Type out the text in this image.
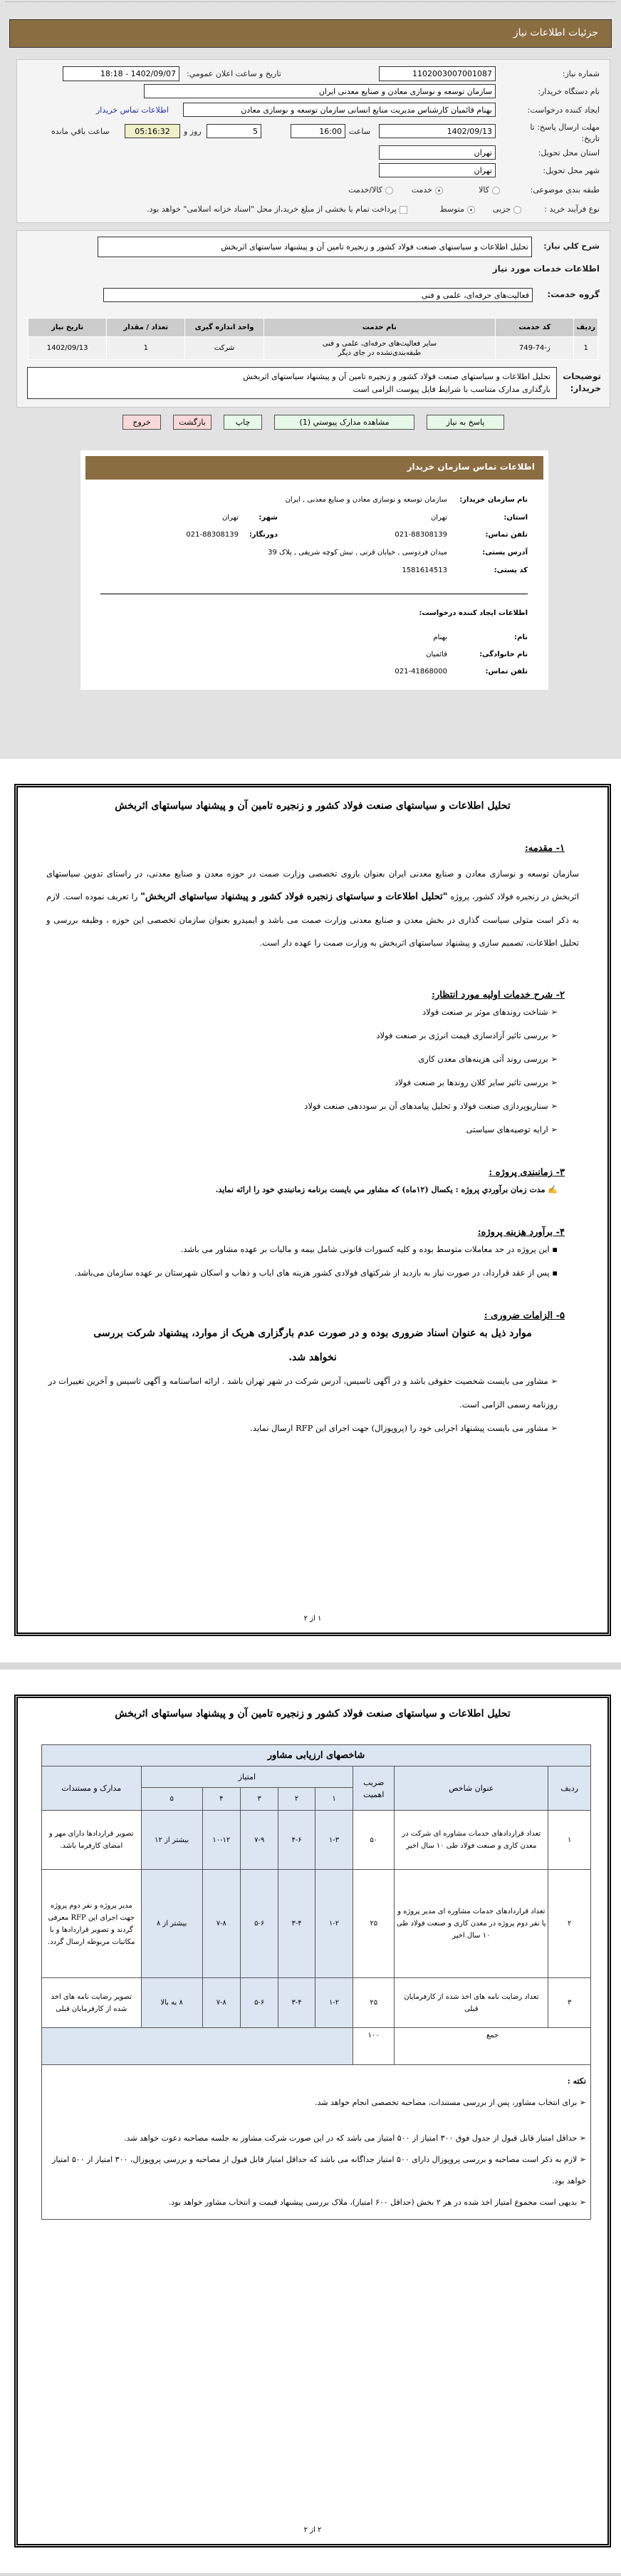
جزئیات اطلاعات نیاز
شماره نیاز:
1102003007001087
تاريخ و ساعت اعلان عمومي:
1402/09/07 - 18:18
نام دستگاه خریدار:
سازمان توسعه و نوسازی معادن و صنایع معدنی ایران
ایجاد کننده درخواست:
بهنام قائمیان کارشناس مدیریت منابع انسانی سازمان توسعه و نوسازی معادن
اطلاعات تماس خریدار
مهلت ارسال پاسخ: تا تاریخ:
1402/09/13
ساعت
16:00
5
روز و
05:16:32
ساعت باقي مانده
استان محل تحویل:
تهران
شهر محل تحویل:
تهران
طبقه بندی موضوعی:
کالا
خدمت
کالا/خدمت
نوع فرآیند خرید :
جزیی
متوسط
پرداخت تمام یا بخشی از مبلغ خرید،از محل "اسناد خزانه اسلامی" خواهد بود.
شرح کلي نیاز:
تحلیل اطلاعات و سیاستهای صنعت فولاد کشور و زنجیره تامین آن و پیشنهاد سیاستهای اثربخش
اطلاعات خدمات مورد نیاز
گروه خدمت:
فعالیت‌های حرفه‌ای، علمی و فنی
ردیف	کد خدمت	نام خدمت	واحد اندازه گیری	تعداد / مقدار	تاریخ نیاز
1	ز-74-749	سایر فعالیت‌های حرفه‌ای، علمی و فنی طبقه‌بندی‌نشده در جای دیگر	شرکت	1	1402/09/13
توضیحات خریدار:
تحلیل اطلاعات و سیاستهای صنعت فولاد کشور و زنجیره تامین آن و پیشنهاد سیاستهای اثربخش
بارگذاری مدارک متناسب با شرایط فایل پیوست الزامی است
پاسخ به نیاز
مشاهده مدارک پیوستي (1)
چاپ
بازگشت
خروج
اطلاعات تماس سازمان خریدار
نام سازمان خریدار:
سازمان توسعه و نوسازی معادن و صنایع معدنی , ایران
استان:
تهران
شهر:
تهران
تلفن تماس:
021-88308139
دورنگار:
021-88308139
آدرس پستی:
میدان فردوسی , خیابان قرنی , نبش کوچه شریفی , پلاک 39
کد پستی:
1581614513
اطلاعات ایجاد کننده درخواست:
نام:
بهنام
نام خانوادگی:
قائمیان
تلفن تماس:
021-41868000
تحلیل اطلاعات و سیاستهای صنعت فولاد کشور و زنجیره تامین آن و پیشنهاد سیاستهای اثربخش
۱- مقدمه:
سازمان توسعه و نوسازی معادن و صنایع معدنی ایران بعنوان بازوی تخصصی وزارت صمت در حوزه معدن و صنایع معدنی، در راستای تدوین سیاستهای اثربخش در زنجیره فولاد کشور، پروژه "تحلیل اطلاعات و سیاستهای زنجیره فولاد کشور و پیشنهاد سیاستهای اثربخش" را تعریف نموده است. لازم به ذکر است متولی سیاست گذاری در بخش معدن و صنایع معدنی وزارت صمت می باشد و ایمیدرو بعنوان سازمان تخصصی این حوزه ، وظیفه بررسی و تحلیل اطلاعات، تصمیم سازی و پیشنهاد سیاستهای اثربخش به وزارت صمت را عهده دار است.
۲- شرح خدمات اولیه مورد انتظار:
➢ شناخت روندهای موثر بر صنعت فولاد
➢ بررسی تاثیر آزادسازی قیمت انرژی بر صنعت فولاد
➢ بررسی روند آتی هزینه‌های معدن کاری
➢ بررسی تاثیر سایر کلان روندها بر صنعت فولاد
➢ سناریوپردازی صنعت فولاد و تحلیل پیامدهای آن بر سوددهی صنعت فولاد
➢ ارایه توصیه‌های سیاستی
۳- زمانبندی پروژه :
✍ مدت زمان برآوردي پروژه : يكسال (۱۲ماه) كه مشاور مي بايست برنامه زمانبندي خود را ارائه نمايد.
۴- برآورد هزینه پروژه:
▪ این پروژه در حد معاملات متوسط بوده و کلیه کسورات قانونی شامل بیمه و مالیات بر عهده مشاور می باشد.
▪ پس از عقد قرارداد، در صورت نیاز به بازدید از شرکتهای فولادی کشور هزینه های اياب و ذهاب و اسکان شهرستان بر عهده سازمان می‌باشد.
۵- الزامات ضروری :
موارد ذیل به عنوان اسناد ضروری بوده و در صورت عدم بارگزاری هریک از موارد، پیشنهاد شرکت بررسی نخواهد شد.
➢ مشاور می بایست شخصیت حقوقی باشد و در آگهی تاسیس، آدرس شرکت در شهر تهران باشد . ارائه اساسنامه و آگهی تاسیس و آخرین تغییرات در روزنامه رسمی الزامی است.
➢ مشاور می بایست پیشنهاد اجرایی خود را (پروپوزال) جهت اجرای این RFP ارسال نماید.
۱ از ۲
تحلیل اطلاعات و سیاستهای صنعت فولاد کشور و زنجیره تامین آن و پیشنهاد سیاستهای اثربخش
۲ از ۲
شاخصهای ارزیابی مشاور								
ردیف	عنوان شاخص	ضریب اهمیت	امتیاز					مدارک و مستندات
			۱	۲	۳	۴	۵	
۱	تعداد قراردادهای خدمات مشاوره ای شرکت در معدن کاری و صنعت فولاد طی ۱۰ سال اخیر	۵۰	۱-۳	۴-۶	۷-۹	۱۰-۱۲	بیشتر از ۱۲	تصویر قراردادها دارای مهر و امضای کارفرما باشد.
۲	تعداد قراردادهای خدمات مشاوره ای مدیر پروژه و یا نفر دوم پروژه در معدن کاری و صنعت فولاد طی ۱۰ سال اخیر	۲۵	۱-۲	۳-۴	۵-۶	۷-۸	بیشتر از ۸	مدیر پروژه و نفر دوم پروژه جهت اجرای این RFP معرفی گردند و تصویر قراردادها و با مکاتبات مربوطه ارسال گردد.
۳	تعداد رضایت نامه های اخذ شده از کارفرمایان قبلی	۲۵	۱-۲	۳-۴	۵-۶	۷-۸	۸ به بالا	تصویر رضایت نامه های اخذ شده از کارفرمایان قبلی
جمع		۱۰۰						

نکته :
➢ برای انتخاب مشاور، پس از بررسی مستندات، مصاحبه تخصصی انجام خواهد شد.
➢ حداقل امتیاز قابل قبول از جدول فوق ۳۰۰ امتیاز از ۵۰۰ امتیاز می باشد که در این صورت شرکت مشاور به جلسه مصاحبه دعوت خواهد شد.
➢ لازم به ذکر است مصاحبه و بررسی پروپوزال دارای ۵۰۰ امتیاز جداگانه می باشد که حداقل امتیاز قابل قبول از مصاحبه و بررسی پروپوزال، ۳۰۰ امتیاز از ۵۰۰ امتیاز خواهد بود.
➢ بدیهی است مجموع امتیاز اخذ شده در هر ۲ بخش (حداقل ۶۰۰ امتیاز)، ملاک بررسی پیشنهاد قیمت و انتخاب مشاور خواهد بود.								
